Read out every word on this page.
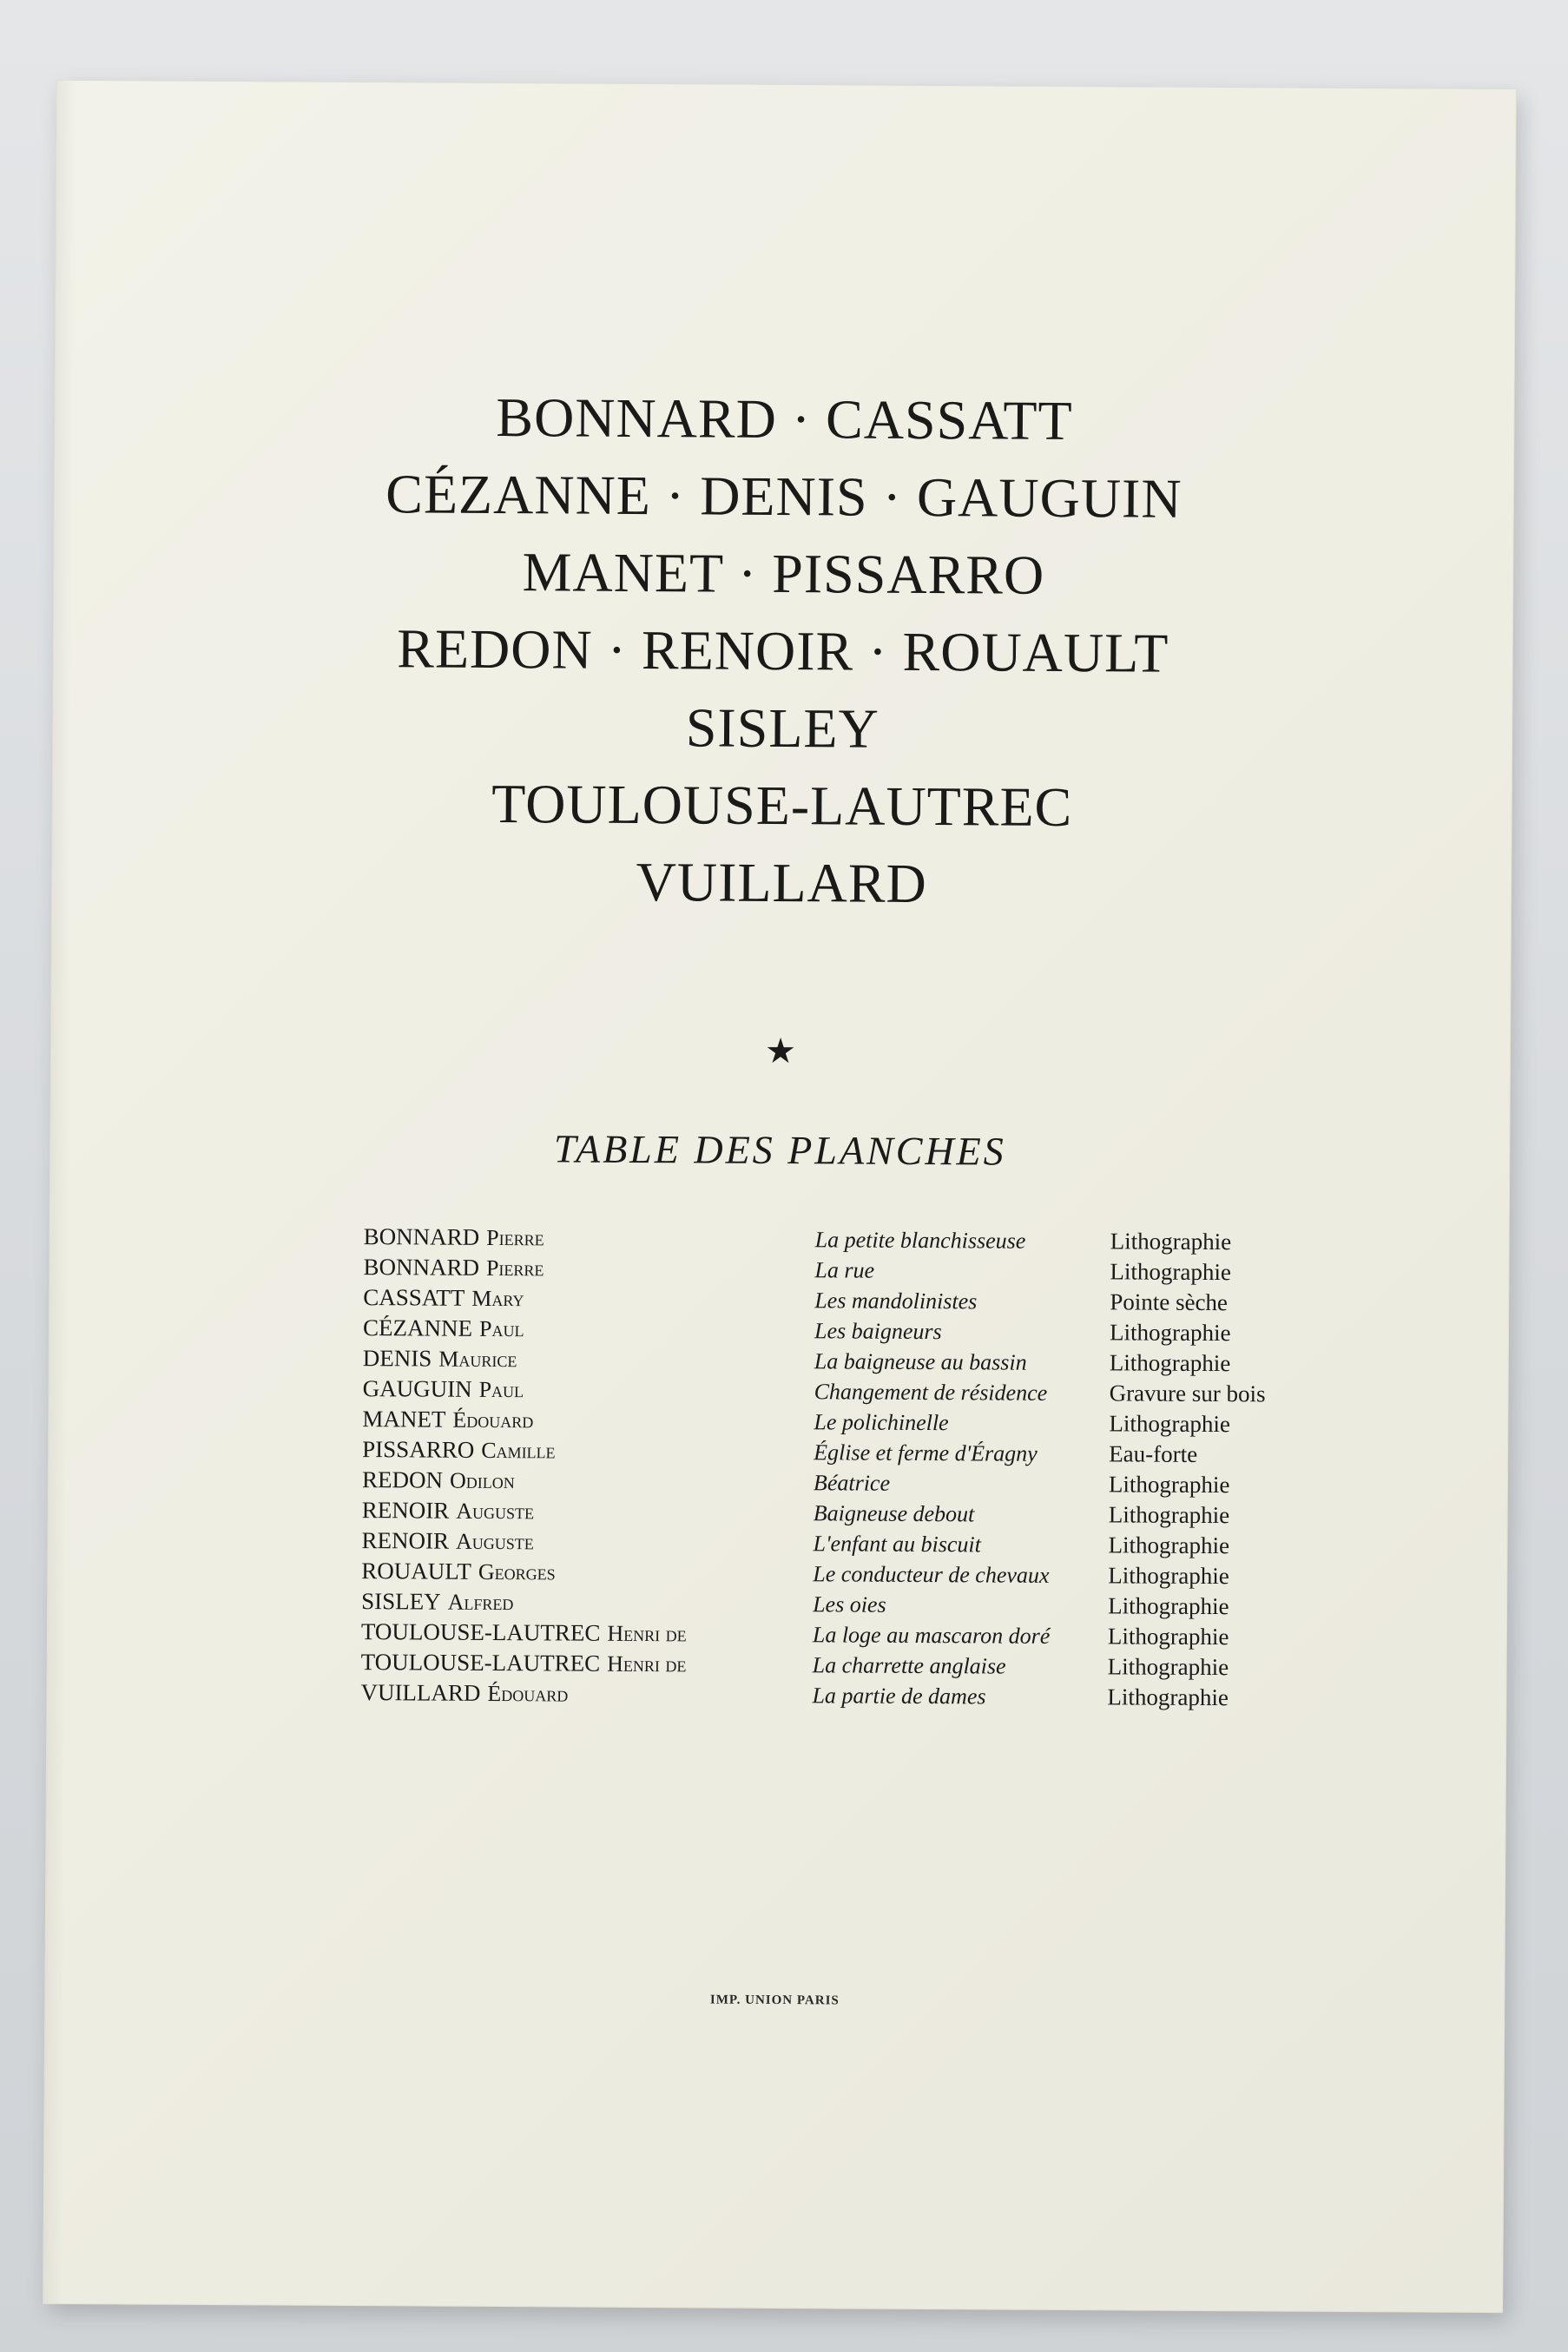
BONNARD · CASSATT
CÉZANNE · DENIS · GAUGUIN
MANET · PISSARRO
REDON · RENOIR · ROUAULT
SISLEY
TOULOUSE-LAUTREC
VUILLARD
★
TABLE DES PLANCHES
BONNARD Pierre	La petite blanchisseuse	Lithographie
BONNARD Pierre	La rue	Lithographie
CASSATT Mary	Les mandolinistes	Pointe sèche
CÉZANNE Paul	Les baigneurs	Lithographie
DENIS Maurice	La baigneuse au bassin	Lithographie
GAUGUIN Paul	Changement de résidence	Gravure sur bois
MANET Édouard	Le polichinelle	Lithographie
PISSARRO Camille	Église et ferme d'Éragny	Eau-forte
REDON Odilon	Béatrice	Lithographie
RENOIR Auguste	Baigneuse debout	Lithographie
RENOIR Auguste	L'enfant au biscuit	Lithographie
ROUAULT Georges	Le conducteur de chevaux	Lithographie
SISLEY Alfred	Les oies	Lithographie
TOULOUSE-LAUTREC Henri de	La loge au mascaron doré	Lithographie
TOULOUSE-LAUTREC Henri de	La charrette anglaise	Lithographie
VUILLARD Édouard	La partie de dames	Lithographie
IMP. UNION PARIS
